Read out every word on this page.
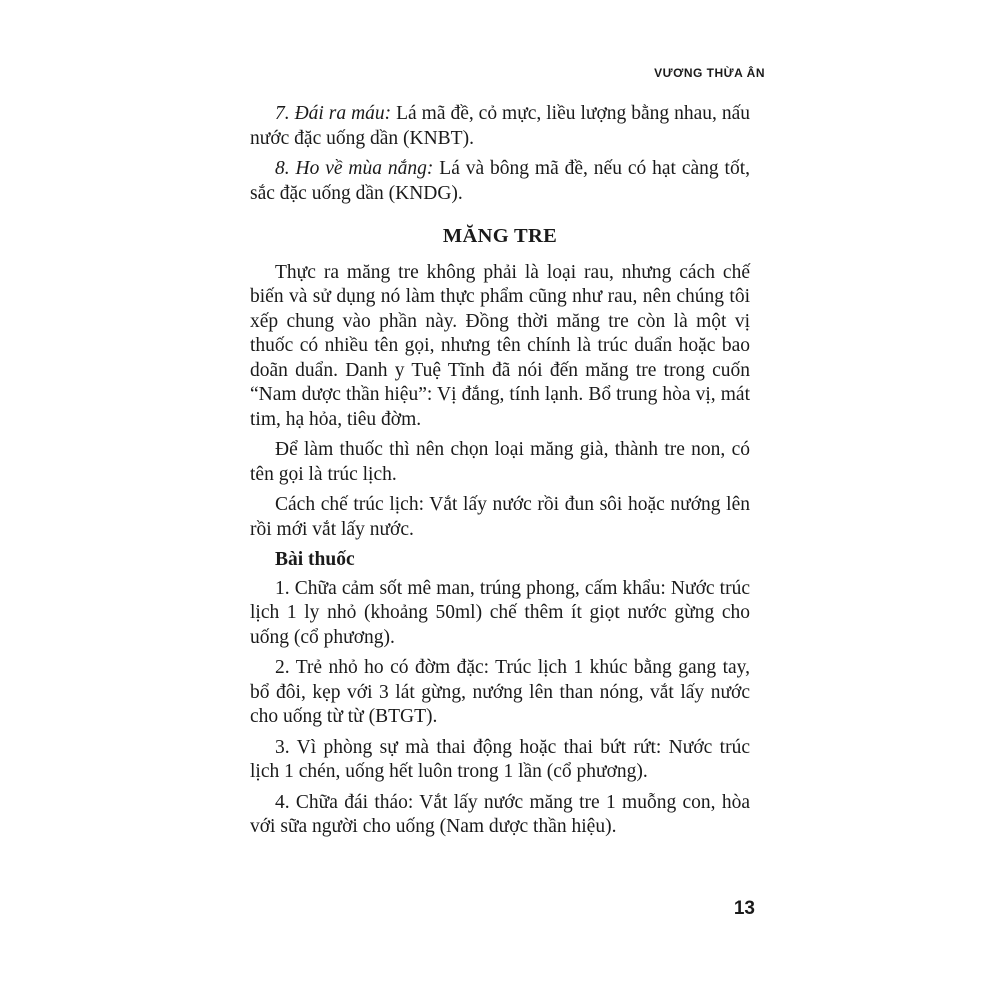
VƯƠNG THỪA ÂN

7. Đái ra máu: Lá mã đề, cỏ mực, liều lượng bằng nhau, nấu nước đặc uống dần (KNBT).

8. Ho về mùa nắng: Lá và bông mã đề, nếu có hạt càng tốt, sắc đặc uống dần (KNDG).

MĂNG TRE

Thực ra măng tre không phải là loại rau, nhưng cách chế biến và sử dụng nó làm thực phẩm cũng như rau, nên chúng tôi xếp chung vào phần này. Đồng thời măng tre còn là một vị thuốc có nhiều tên gọi, nhưng tên chính là trúc duẩn hoặc bao doãn duẩn. Danh y Tuệ Tĩnh đã nói đến măng tre trong cuốn “Nam dược thần hiệu”: Vị đắng, tính lạnh. Bổ trung hòa vị, mát tim, hạ hỏa, tiêu đờm.

Để làm thuốc thì nên chọn loại măng già, thành tre non, có tên gọi là trúc lịch.

Cách chế trúc lịch: Vắt lấy nước rồi đun sôi hoặc nướng lên rồi mới vắt lấy nước.

Bài thuốc

1. Chữa cảm sốt mê man, trúng phong, cấm khẩu: Nước trúc lịch 1 ly nhỏ (khoảng 50ml) chế thêm ít giọt nước gừng cho uống (cổ phương).

2. Trẻ nhỏ ho có đờm đặc: Trúc lịch 1 khúc bằng gang tay, bổ đôi, kẹp với 3 lát gừng, nướng lên than nóng, vắt lấy nước cho uống từ từ (BTGT).

3. Vì phòng sự mà thai động hoặc thai bứt rứt: Nước trúc lịch 1 chén, uống hết luôn trong 1 lần (cổ phương).

4. Chữa đái tháo: Vắt lấy nước măng tre 1 muỗng con, hòa với sữa người cho uống (Nam dược thần hiệu).

13
